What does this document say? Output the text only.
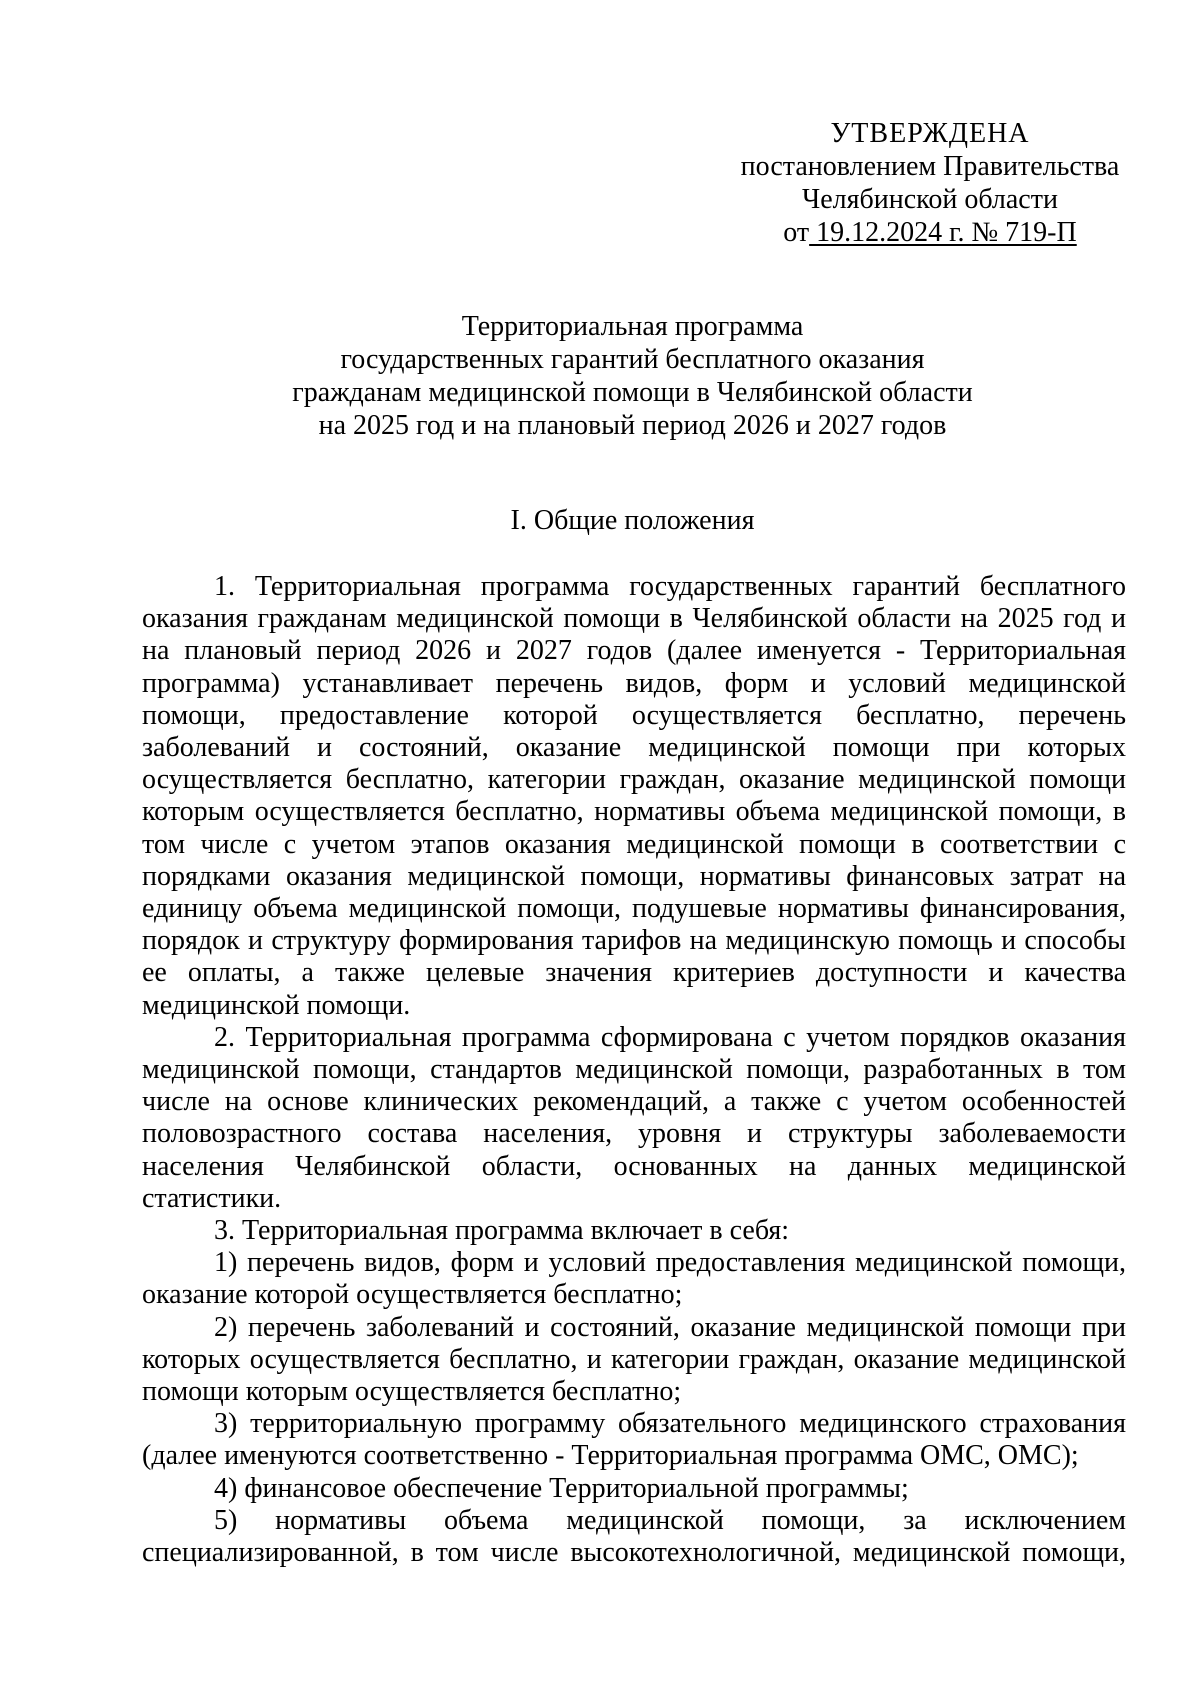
УТВЕРЖДЕНА
постановлением Правительства
Челябинской области
от 19.12.2024 г. № 719-П
Территориальная программа
государственных гарантий бесплатного оказания
гражданам медицинской помощи в Челябинской области
на 2025 год и на плановый период 2026 и 2027 годов
I. Общие положения

1. Территориальная программа государственных гарантий бесплатного оказания гражданам медицинской помощи в Челябинской области на 2025 год и на плановый период 2026 и 2027 годов (далее именуется - Территориальная программа) устанавливает перечень видов, форм и условий медицинской помощи, предоставление которой осуществляется бесплатно, перечень заболеваний и состояний, оказание медицинской помощи при которых осуществляется бесплатно, категории граждан, оказание медицинской помощи которым осуществляется бесплатно, нормативы объема медицинской помощи, в том числе с учетом этапов оказания медицинской помощи в соответствии с порядками оказания медицинской помощи, нормативы финансовых затрат на единицу объема медицинской помощи, подушевые нормативы финансирования, порядок и структуру формирования тарифов на медицинскую помощь и способы ее оплаты, а также целевые значения критериев доступности и качества медицинской помощи.

2. Территориальная программа сформирована с учетом порядков оказания медицинской помощи, стандартов медицинской помощи, разработанных в том числе на основе клинических рекомендаций, а также с учетом особенностей половозрастного состава населения, уровня и структуры заболеваемости населения Челябинской области, основанных на данных медицинской статистики.

3. Территориальная программа включает в себя:

1) перечень видов, форм и условий предоставления медицинской помощи, оказание которой осуществляется бесплатно;

2) перечень заболеваний и состояний, оказание медицинской помощи при которых осуществляется бесплатно, и категории граждан, оказание медицинской помощи которым осуществляется бесплатно;

3) территориальную программу обязательного медицинского страхования (далее именуются соответственно - Территориальная программа ОМС, ОМС);

4) финансовое обеспечение Территориальной программы;

5) нормативы объема медицинской помощи, за исключением специализированной, в том числе высокотехнологичной, медицинской помощи,
